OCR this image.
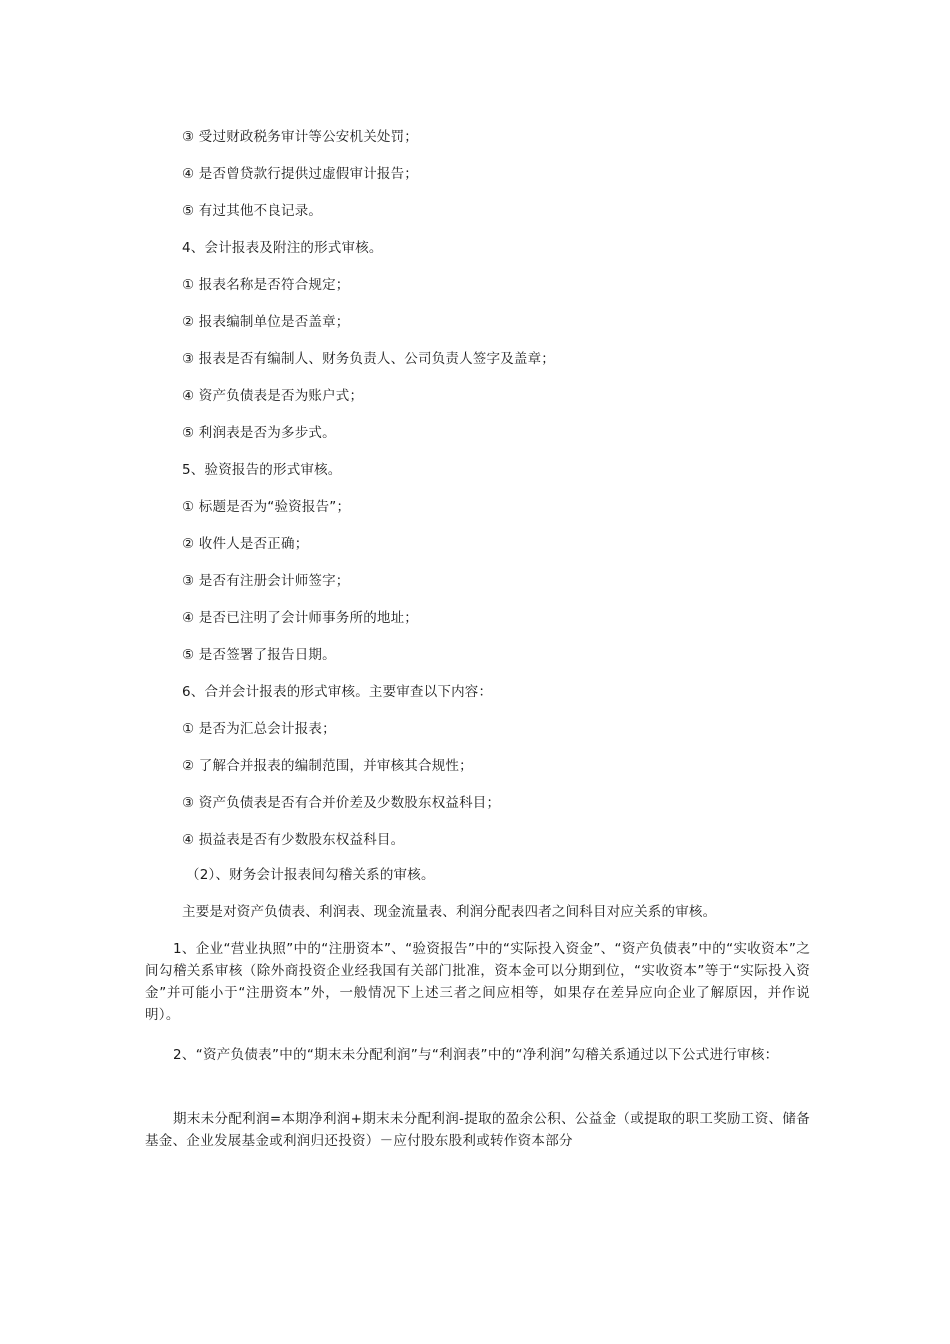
③ 受过财政税务审计等公安机关处罚；
④ 是否曾贷款行提供过虚假审计报告；
⑤ 有过其他不良记录。
4、会计报表及附注的形式审核。
① 报表名称是否符合规定；
② 报表编制单位是否盖章；
③ 报表是否有编制人、财务负责人、公司负责人签字及盖章；
④ 资产负债表是否为账户式；
⑤ 利润表是否为多步式。
5、验资报告的形式审核。
① 标题是否为“验资报告”；
② 收件人是否正确；
③ 是否有注册会计师签字；
④ 是否已注明了会计师事务所的地址；
⑤ 是否签署了报告日期。
6、合并会计报表的形式审核。主要审查以下内容：
① 是否为汇总会计报表；
② 了解合并报表的编制范围，并审核其合规性；
③ 资产负债表是否有合并价差及少数股东权益科目；
④ 损益表是否有少数股东权益科目。
（2）、财务会计报表间勾稽关系的审核。
主要是对资产负债表、利润表、现金流量表、利润分配表四者之间科目对应关系的审核。
1、企业“营业执照”中的“注册资本”、“验资报告”中的“实际投入资金”、“资产负债表”中的“实收资本”之间勾稽关系审核（除外商投资企业经我国有关部门批准，资本金可以分期到位，“实收资本”等于“实际投入资金”并可能小于“注册资本”外，一般情况下上述三者之间应相等，如果存在差异应向企业了解原因，并作说明）。
2、“资产负债表”中的“期末未分配利润”与“利润表”中的“净利润”勾稽关系通过以下公式进行审核：
期末未分配利润=本期净利润+期末未分配利润-提取的盈余公积、公益金（或提取的职工奖励工资、储备基金、企业发展基金或利润归还投资）－应付股东股利或转作资本部分
